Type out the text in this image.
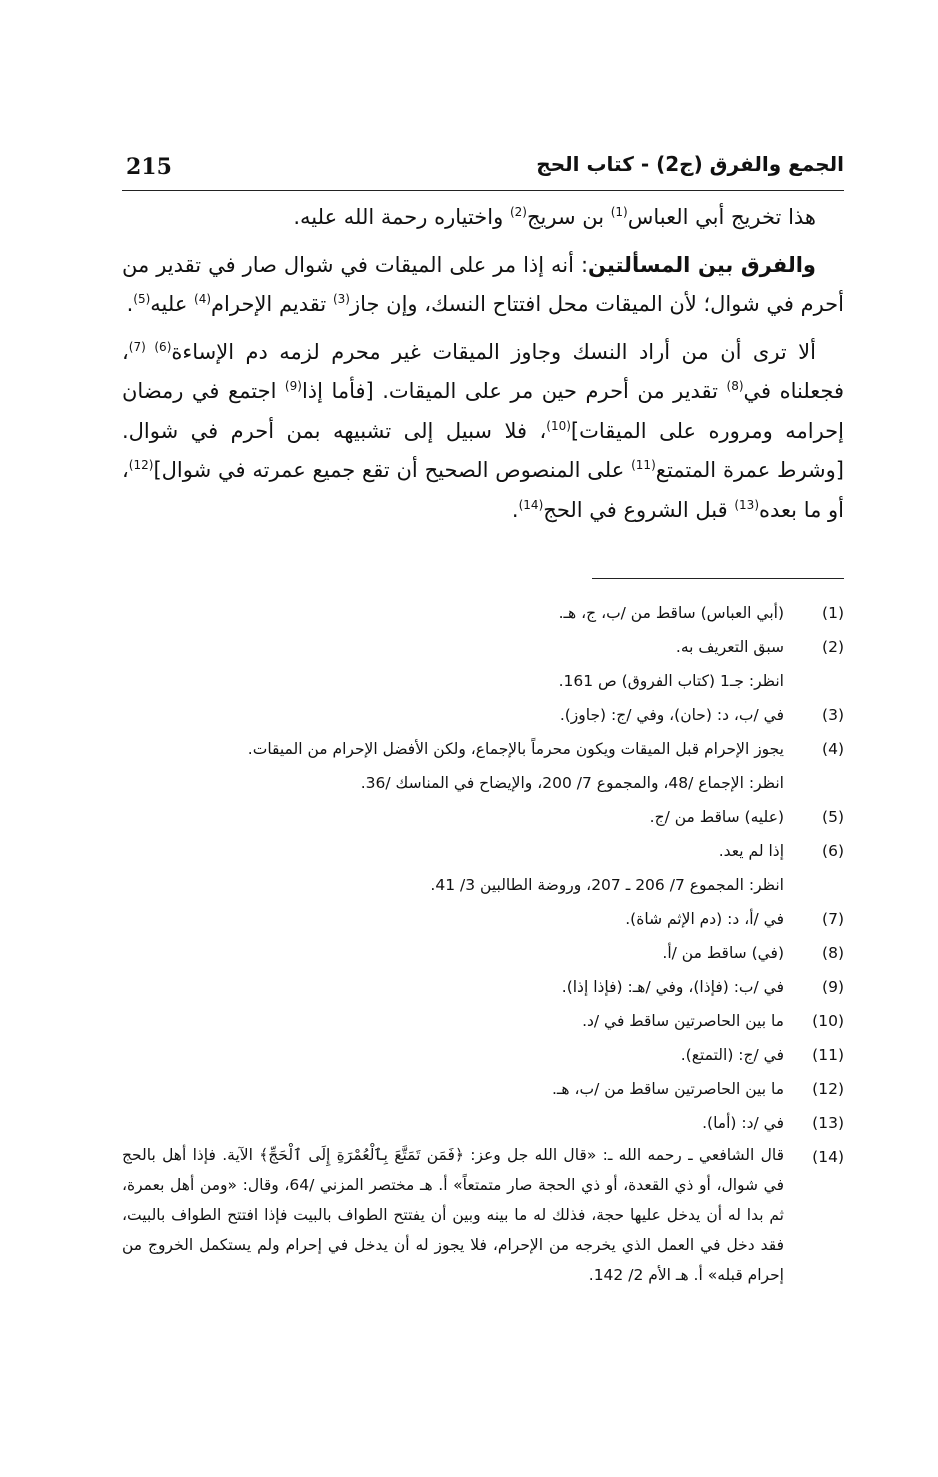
215	الجمع والفرق (ج2) - كتاب الحج

هذا تخريج أبي العباس$^{(1)}$ بن سريج$^{(2)}$ واختياره رحمة الله عليه.

والفرق بين المسألتين: أنه إذا مر على الميقات في شوال صار في تقدير من أحرم في شوال؛ لأن الميقات محل افتتاح النسك، وإن جاز$^{(3)}$ تقديم الإحرام$^{(4)}$ عليه$^{(5)}$.

ألا ترى أن من أراد النسك وجاوز الميقات غير محرم لزمه دم الإساءة$^{(6)}$ $^{(7)}$، فجعلناه في$^{(8)}$ تقدير من أحرم حين مر على الميقات. [فأما إذا$^{(9)}$ اجتمع في رمضان إحرامه ومروره على الميقات]$^{(10)}$، فلا سبيل إلى تشبيهه بمن أحرم في شوال. [وشرط عمرة المتمتع$^{(11)}$ على المنصوص الصحيح أن تقع جميع عمرته في شوال]$^{(12)}$، أو ما بعده$^{(13)}$ قبل الشروع في الحج$^{(14)}$.

(1)
(أبي العباس) ساقط من /ب، ج، هـ.
(2)
سبق التعريف به.
انظر: جـ1 (كتاب الفروق) ص 161.
(3)
في /ب، د: (حان)، وفي /ج: (جاوز).
(4)
يجوز الإحرام قبل الميقات ويكون محرماً بالإجماع، ولكن الأفضل الإحرام من الميقات.
انظر: الإجماع /48، والمجموع 7/ 200، والإيضاح في المناسك /36.
(5)
(عليه) ساقط من /ج.
(6)
إذا لم يعد.
انظر: المجموع 7/ 206 ـ 207، وروضة الطالبين 3/ 41.
(7)
في /أ، د: (دم الإثم شاة).
(8)
(في) ساقط من /أ.
(9)
في /ب: (فإذا)، وفي /هـ: (فإذا إذا).
(10)
ما بين الحاصرتين ساقط في /د.
(11)
في /ج: (التمتع).
(12)
ما بين الحاصرتين ساقط من /ب، هـ.
(13)
في /د: (أما).
(14)
قال الشافعي ـ رحمه الله ـ: «قال الله جل وعز: ﴿فَمَن تَمَتَّعَ بِٱلْعُمْرَةِ إِلَى ٱلْحَجِّ﴾ الآية. فإذا أهل بالحج في شوال، أو ذي القعدة، أو ذي الحجة صار متمتعاً» أ. هـ مختصر المزني /64، وقال: «ومن أهل بعمرة، ثم بدا له أن يدخل عليها حجة، فذلك له ما بينه وبين أن يفتتح الطواف بالبيت فإذا افتتح الطواف بالبيت، فقد دخل في العمل الذي يخرجه من الإحرام، فلا يجوز له أن يدخل في إحرام ولم يستكمل الخروج من إحرام قبله» أ. هـ الأم 2/ 142.
